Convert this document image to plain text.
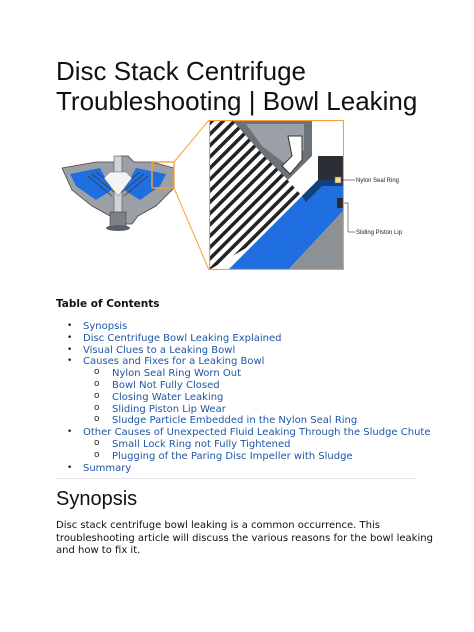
Disc Stack Centrifuge
Troubleshooting | Bowl Leaking
Nylon Seal Ring
Sliding Piston Lip
Table of Contents
• Synopsis
• Disc Centrifuge Bowl Leaking Explained
• Visual Clues to a Leaking Bowl
• Causes and Fixes for a Leaking Bowl
o Nylon Seal Ring Worn Out
o Bowl Not Fully Closed
o Closing Water Leaking
o Sliding Piston Lip Wear
o Sludge Particle Embedded in the Nylon Seal Ring
• Other Causes of Unexpected Fluid Leaking Through the Sludge Chute
o Small Lock Ring not Fully Tightened
o Plugging of the Paring Disc Impeller with Sludge
• Summary
Synopsis

Disc stack centrifuge bowl leaking is a common occurrence. This
troubleshooting article will discuss the various reasons for the bowl leaking
and how to fix it.
